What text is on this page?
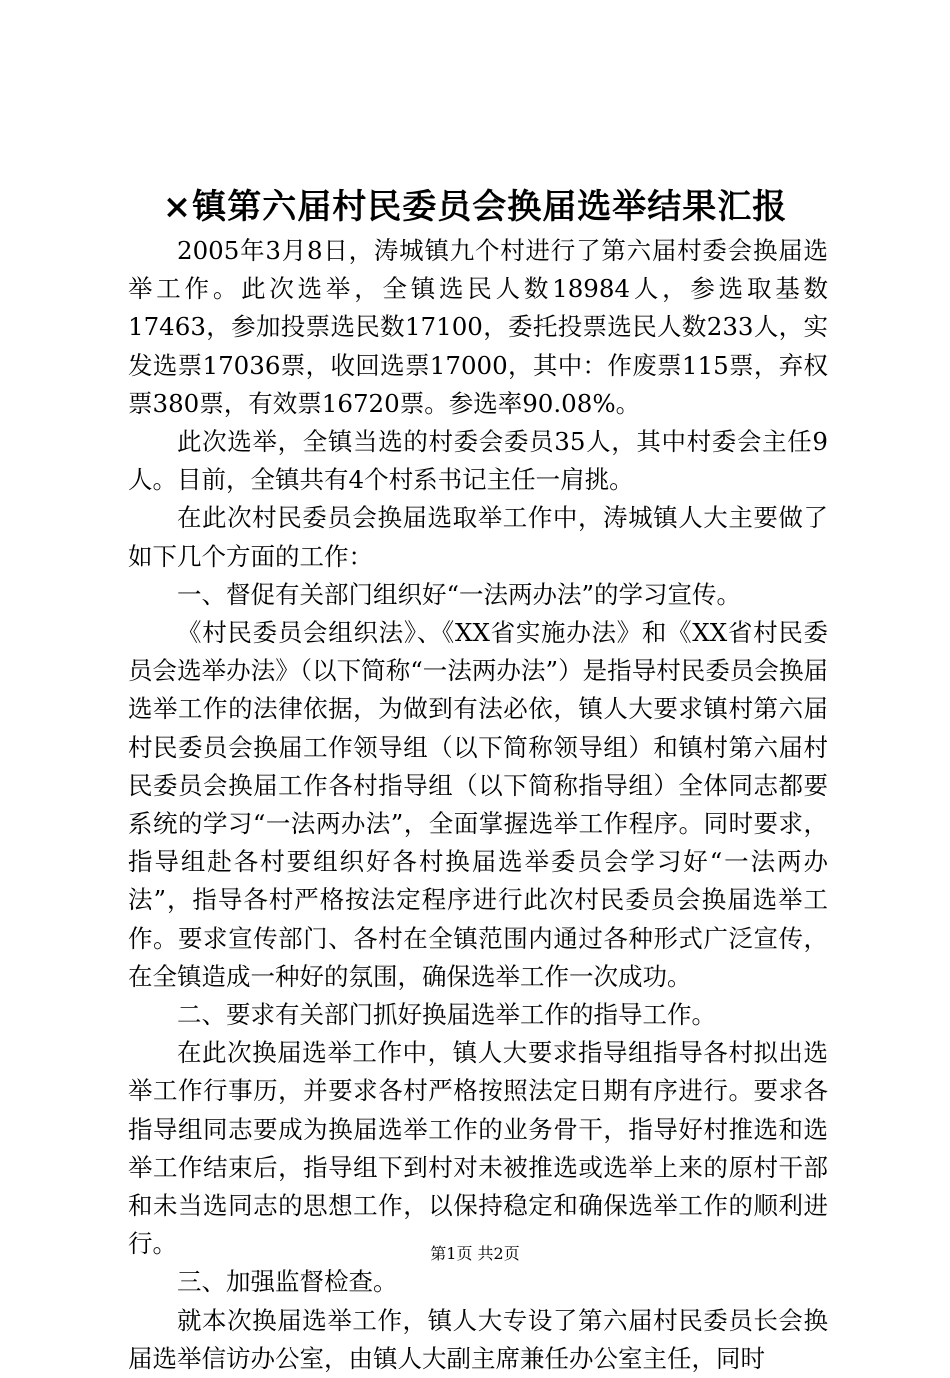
×镇第六届村民委员会换届选举结果汇报

2005年3月8日，涛城镇九个村进行了第六届村委会换届选举工作。此次选举，全镇选民人数18984人，参选取基数17463，参加投票选民数17100，委托投票选民人数233人，实发选票17036票，收回选票17000，其中：作废票115票，弃权票380票，有效票16720票。参选率90.08%。

此次选举，全镇当选的村委会委员35人，其中村委会主任9人。目前，全镇共有4个村系书记主任一肩挑。

在此次村民委员会换届选取举工作中，涛城镇人大主要做了如下几个方面的工作：

一、督促有关部门组织好“一法两办法”的学习宣传。

《村民委员会组织法》、《XX省实施办法》和《XX省村民委员会选举办法》（以下简称“一法两办法”）是指导村民委员会换届选举工作的法律依据，为做到有法必依，镇人大要求镇村第六届村民委员会换届工作领导组（以下简称领导组）和镇村第六届村民委员会换届工作各村指导组（以下简称指导组）全体同志都要系统的学习“一法两办法”，全面掌握选举工作程序。同时要求，指导组赴各村要组织好各村换届选举委员会学习好“一法两办法”，指导各村严格按法定程序进行此次村民委员会换届选举工作。要求宣传部门、各村在全镇范围内通过各种形式广泛宣传，在全镇造成一种好的氛围，确保选举工作一次成功。

二、要求有关部门抓好换届选举工作的指导工作。

在此次换届选举工作中，镇人大要求指导组指导各村拟出选举工作行事历，并要求各村严格按照法定日期有序进行。要求各指导组同志要成为换届选举工作的业务骨干，指导好村推选和选举工作结束后，指导组下到村对未被推选或选举上来的原村干部和未当选同志的思想工作，以保持稳定和确保选举工作的顺利进行。

三、加强监督检查。

就本次换届选举工作，镇人大专设了第六届村民委员长会换届选举信访办公室，由镇人大副主席兼任办公室主任，同时

第1页 共2页
